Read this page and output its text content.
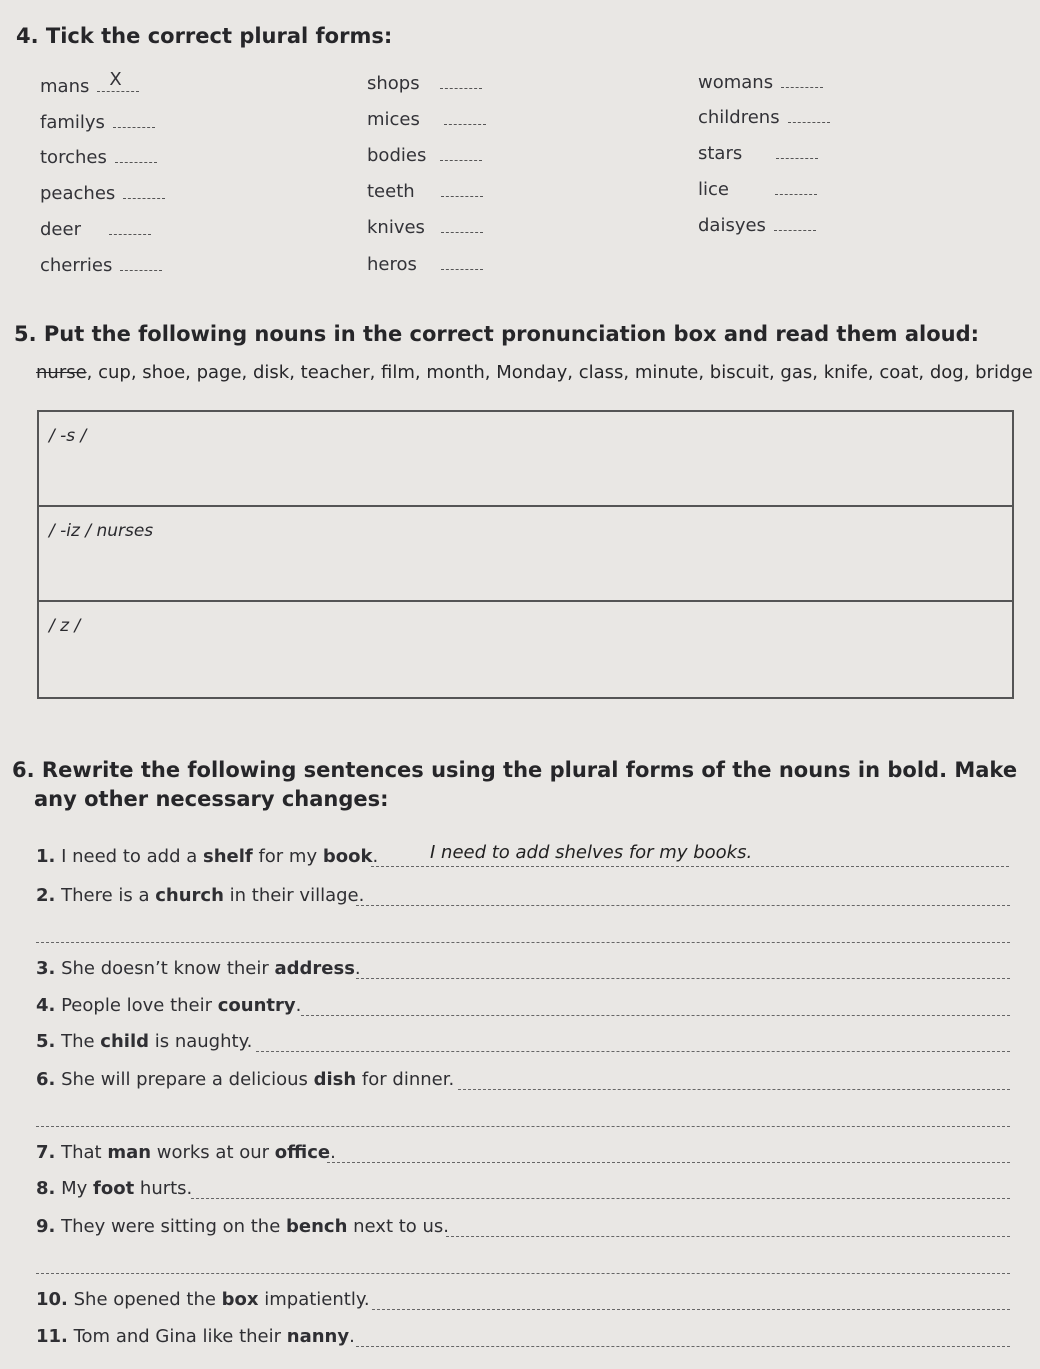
4. Tick the correct plural forms:
mans X
familys
torches
peaches
deer
cherries
shops
mices
bodies
teeth
knives
heros
womans
childrens
stars
lice
daisyes
5. Put the following nouns in the correct pronunciation box and read them aloud:
nurse, cup, shoe, page, disk, teacher, film, month, Monday, class, minute, biscuit, gas, knife, coat, dog, bridge
/ -s /
/ -iz / nurses
/ z /
6. Rewrite the following sentences using the plural forms of the nouns in bold. Make
any other necessary changes:
1. I need to add a shelf for my book.	I need to add shelves for my books.
2. There is a church in their village.
3. She doesn’t know their address.
4. People love their country.
5. The child is naughty.
6. She will prepare a delicious dish for dinner.
7. That man works at our office.
8. My foot hurts.
9. They were sitting on the bench next to us.
10. She opened the box impatiently.
11. Tom and Gina like their nanny.
